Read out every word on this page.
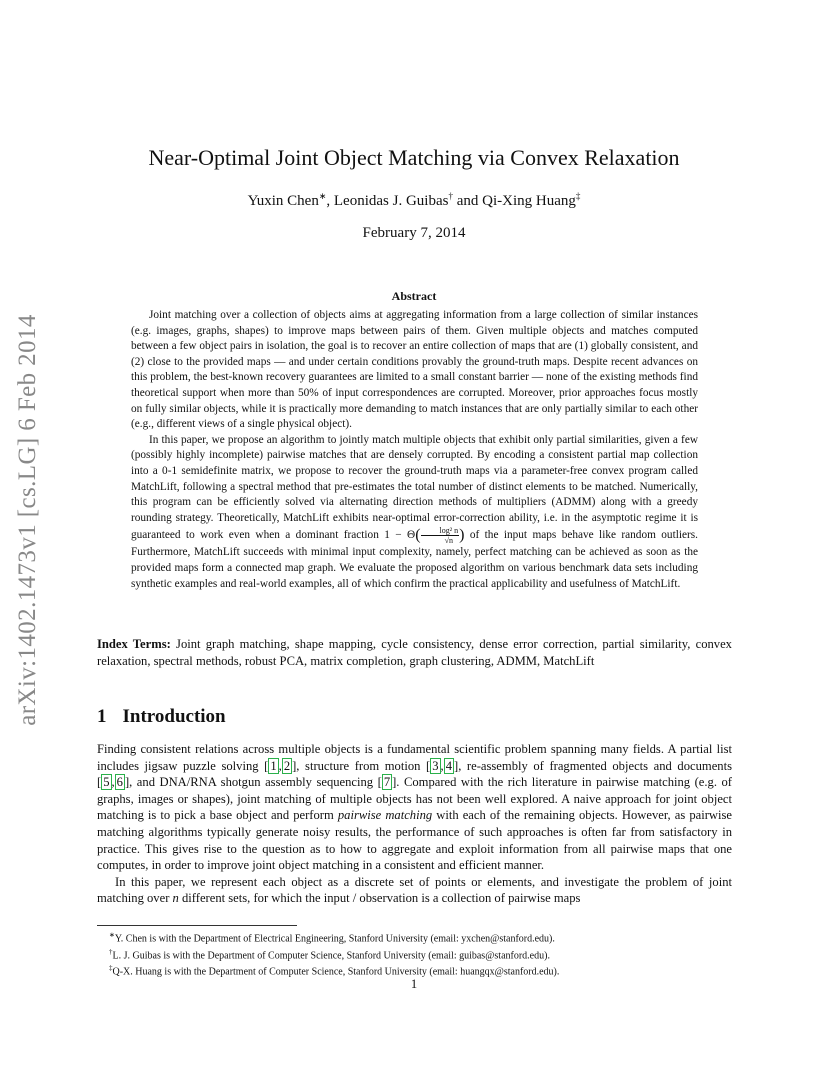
arXiv:1402.1473v1 [cs.LG] 6 Feb 2014
Near-Optimal Joint Object Matching via Convex Relaxation
Yuxin Chen∗, Leonidas J. Guibas† and Qi-Xing Huang‡
February 7, 2014
Abstract

Joint matching over a collection of objects aims at aggregating information from a large collection of similar instances (e.g. images, graphs, shapes) to improve maps between pairs of them. Given multiple objects and matches computed between a few object pairs in isolation, the goal is to recover an entire collection of maps that are (1) globally consistent, and (2) close to the provided maps — and under certain conditions provably the ground-truth maps. Despite recent advances on this problem, the best-known recovery guarantees are limited to a small constant barrier — none of the existing methods find theoretical support when more than 50% of input correspondences are corrupted. Moreover, prior approaches focus mostly on fully similar objects, while it is practically more demanding to match instances that are only partially similar to each other (e.g., different views of a single physical object).

In this paper, we propose an algorithm to jointly match multiple objects that exhibit only partial similarities, given a few (possibly highly incomplete) pairwise matches that are densely corrupted. By encoding a consistent partial map collection into a 0-1 semidefinite matrix, we propose to recover the ground-truth maps via a parameter-free convex program called MatchLift, following a spectral method that pre-estimates the total number of distinct elements to be matched. Numerically, this program can be efficiently solved via alternating direction methods of multipliers (ADMM) along with a greedy rounding strategy. Theoretically, MatchLift exhibits near-optimal error-correction ability, i.e. in the asymptotic regime it is guaranteed to work even when a dominant fraction $1 - \Theta( \frac{\text{log² n}}{√n}$ ) of the input maps behave like random outliers. Furthermore, MatchLift succeeds with minimal input complexity, namely, perfect matching can be achieved as soon as the provided maps form a connected map graph. We evaluate the proposed algorithm on various benchmark data sets including synthetic examples and real-world examples, all of which confirm the practical applicability and usefulness of MatchLift.

Index Terms: Joint graph matching, shape mapping, cycle consistency, dense error correction, partial similarity, convex relaxation, spectral methods, robust PCA, matrix completion, graph clustering, ADMM, MatchLift
1 Introduction

Finding consistent relations across multiple objects is a fundamental scientific problem spanning many fields. A partial list includes jigsaw puzzle solving [ 1 , 2 ], structure from motion [ 3 , 4 ], re-assembly of fragmented objects and documents [ 5 , 6 ], and DNA/RNA shotgun assembly sequencing [ 7 ]. Compared with the rich literature in pairwise matching (e.g. of graphs, images or shapes), joint matching of multiple objects has not been well explored. A naive approach for joint object matching is to pick a base object and perform pairwise matching with each of the remaining objects. However, as pairwise matching algorithms typically generate noisy results, the performance of such approaches is often far from satisfactory in practice. This gives rise to the question as to how to aggregate and exploit information from all pairwise maps that one computes, in order to improve joint object matching in a consistent and efficient manner.

In this paper, we represent each object as a discrete set of points or elements, and investigate the problem of joint matching over n different sets, for which the input / observation is a collection of pairwise maps

∗Y. Chen is with the Department of Electrical Engineering, Stanford University (email: yxchen@stanford.edu).
†L. J. Guibas is with the Department of Computer Science, Stanford University (email: guibas@stanford.edu).
‡Q-X. Huang is with the Department of Computer Science, Stanford University (email: huangqx@stanford.edu).
1
